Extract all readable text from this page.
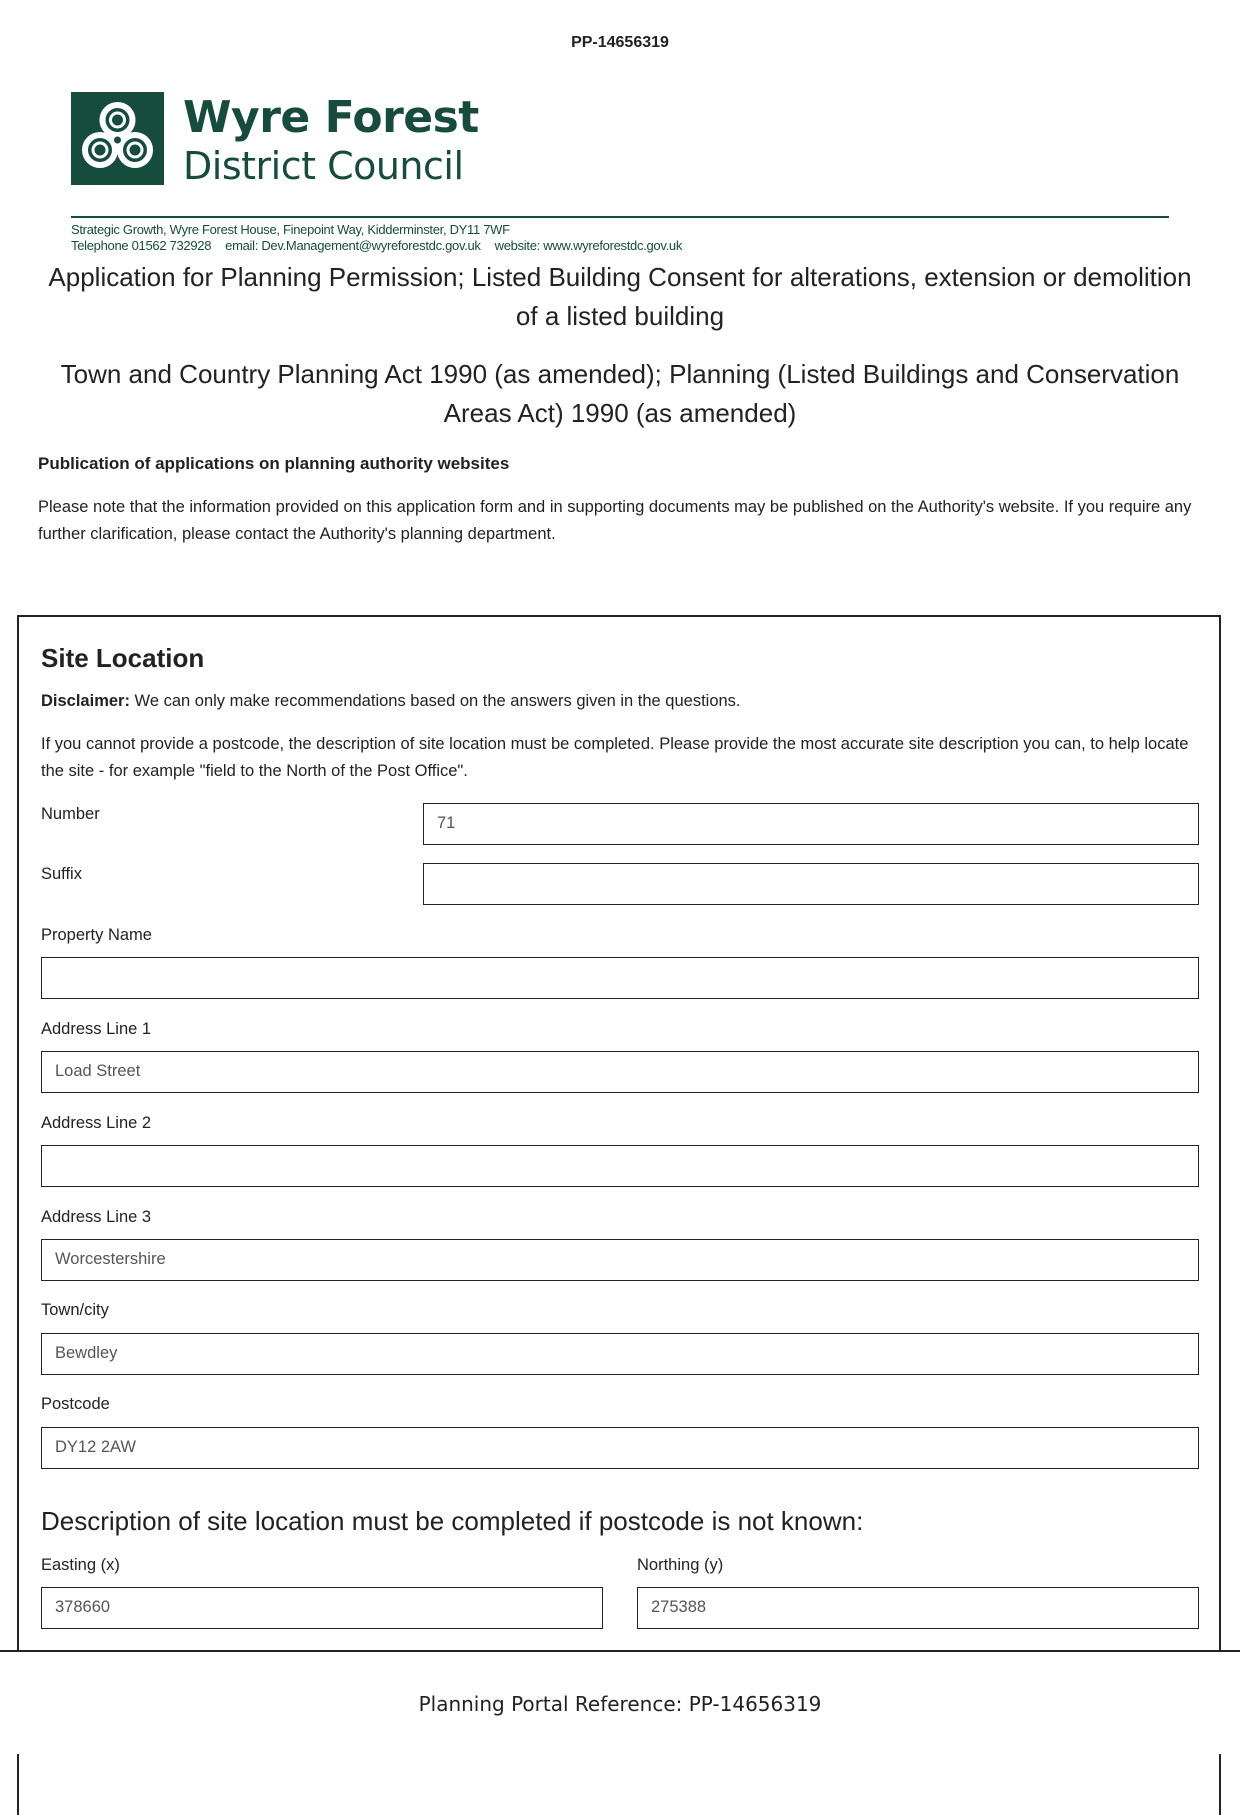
PP-14656319
Wyre Forest
District Council
Strategic Growth, Wyre Forest House, Finepoint Way, Kidderminster, DY11 7WF
Telephone 01562 732928 email: Dev.Management@wyreforestdc.gov.uk website: www.wyreforestdc.gov.uk
Application for Planning Permission; Listed Building Consent for alterations, extension or demolition of a listed building
Town and Country Planning Act 1990 (as amended); Planning (Listed Buildings and Conservation Areas Act) 1990 (as amended)
Publication of applications on planning authority websites
Please note that the information provided on this application form and in supporting documents may be published on the Authority's website. If you require any further clarification, please contact the Authority's planning department.
Site Location
Disclaimer: We can only make recommendations based on the answers given in the questions.
If you cannot provide a postcode, the description of site location must be completed. Please provide the most accurate site description you can, to help locate the site - for example "field to the North of the Post Office".
Number	71
Suffix
Property Name
Address Line 1
Load Street
Address Line 2
Address Line 3
Worcestershire
Town/city
Bewdley
Postcode
DY12 2AW
Description of site location must be completed if postcode is not known:
Easting (x)
378660
Northing (y)
275388
Planning Portal Reference: PP-14656319
